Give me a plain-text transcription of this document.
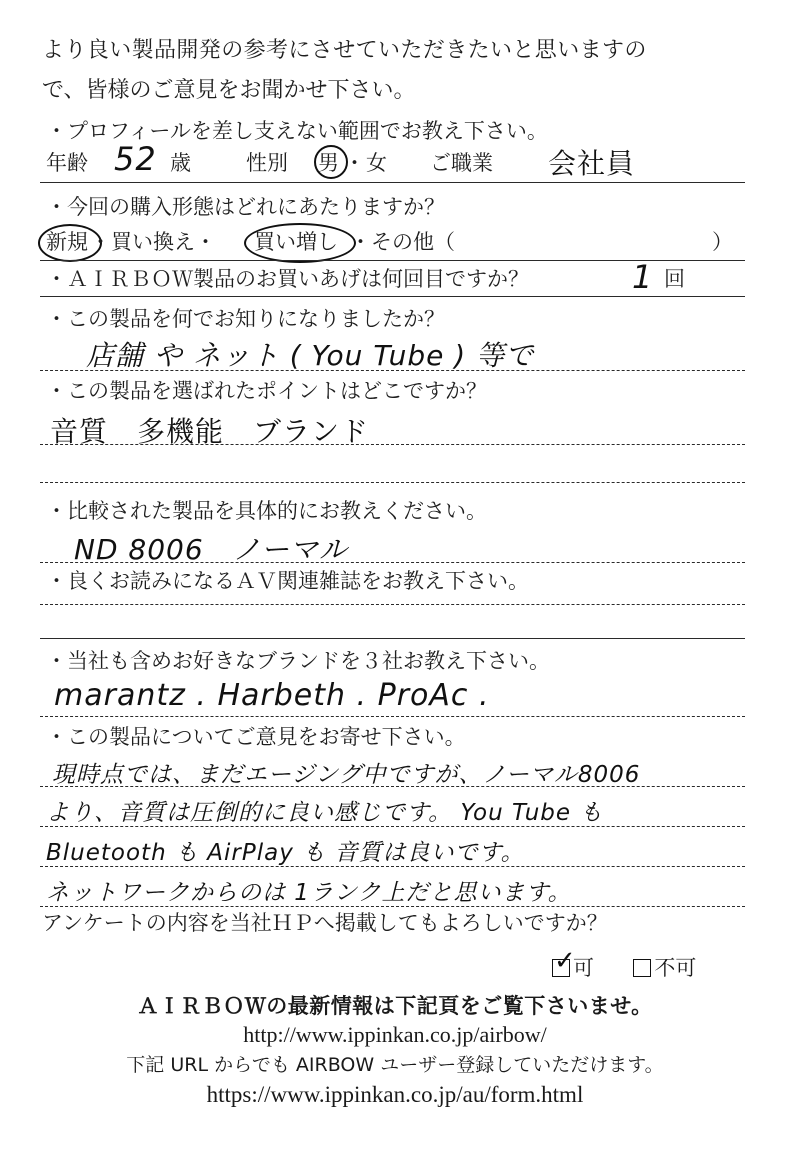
より良い製品開発の参考にさせていただきたいと思いますの
で、皆様のご意見をお聞かせ下さい。
・プロフィールを差し支えない範囲でお教え下さい。
年齢 52 歳	性別 男 ・ 女 ご職業 会社員
・今回の購入形態はどれにあたりますか？
新規 ・買い換え・ 買い増し ・その他（	）
・ＡＩＲＢＯＷ製品のお買いあげは何回目ですか？	1 回
・この製品を何でお知りになりましたか？
店舗 や ネット ( You Tube ) 等で
・この製品を選ばれたポイントはどこですか？
音質　多機能　ブランド
・比較された製品を具体的にお教えください。
ND 8006　ノーマル
・良くお読みになるＡＶ関連雑誌をお教え下さい。
・当社も含めお好きなブランドを３社お教え下さい。
marantz . Harbeth . ProAc .
・この製品についてご意見をお寄せ下さい。
現時点では、まだエージング中ですが、ノーマル8006
より、音質は圧倒的に良い感じです。 You Tube も
Bluetooth も AirPlay も 音質は良いです。
ネットワークからのは 1ランク上だと思います。
アンケートの内容を当社ＨＰへ掲載してもよろしいですか？
✓
可	不可
ＡＩＲＢＯＷの最新情報は下記頁をご覧下さいませ。
http://www.ippinkan.co.jp/airbow/
下記 URL からでも AIRBOW ユーザー登録していただけます。
https://www.ippinkan.co.jp/au/form.html
